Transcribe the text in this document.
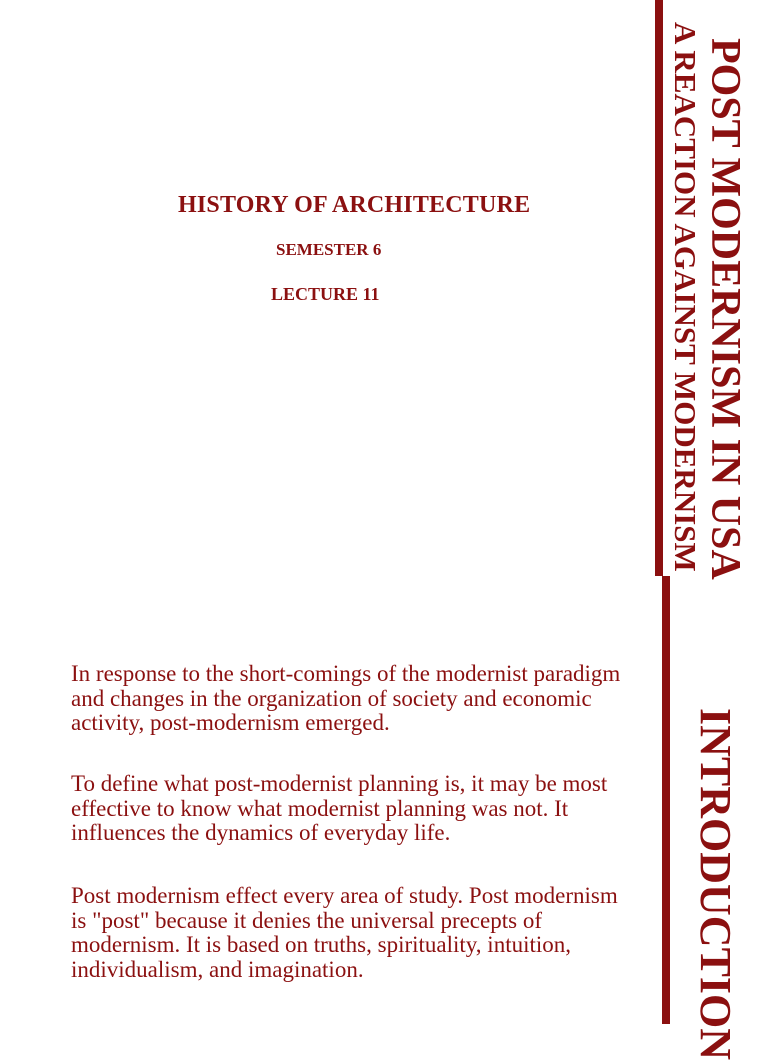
HISTORY OF ARCHITECTURE
SEMESTER 6
LECTURE 11

In response to the short-comings of the modernist paradigm and changes in the organization of society and economic activity, post-modernism emerged.

To define what post-modernist planning is, it may be most effective to know what modernist planning was not. It influences the dynamics of everyday life.

Post modernism effect every area of study. Post modernism is "post" because it denies the universal precepts of modernism. It is based on truths, spirituality, intuition, individualism, and imagination.

POST MODERNISM IN USA
A REACTION AGAINST MODERNISM
INTRODUCTION
